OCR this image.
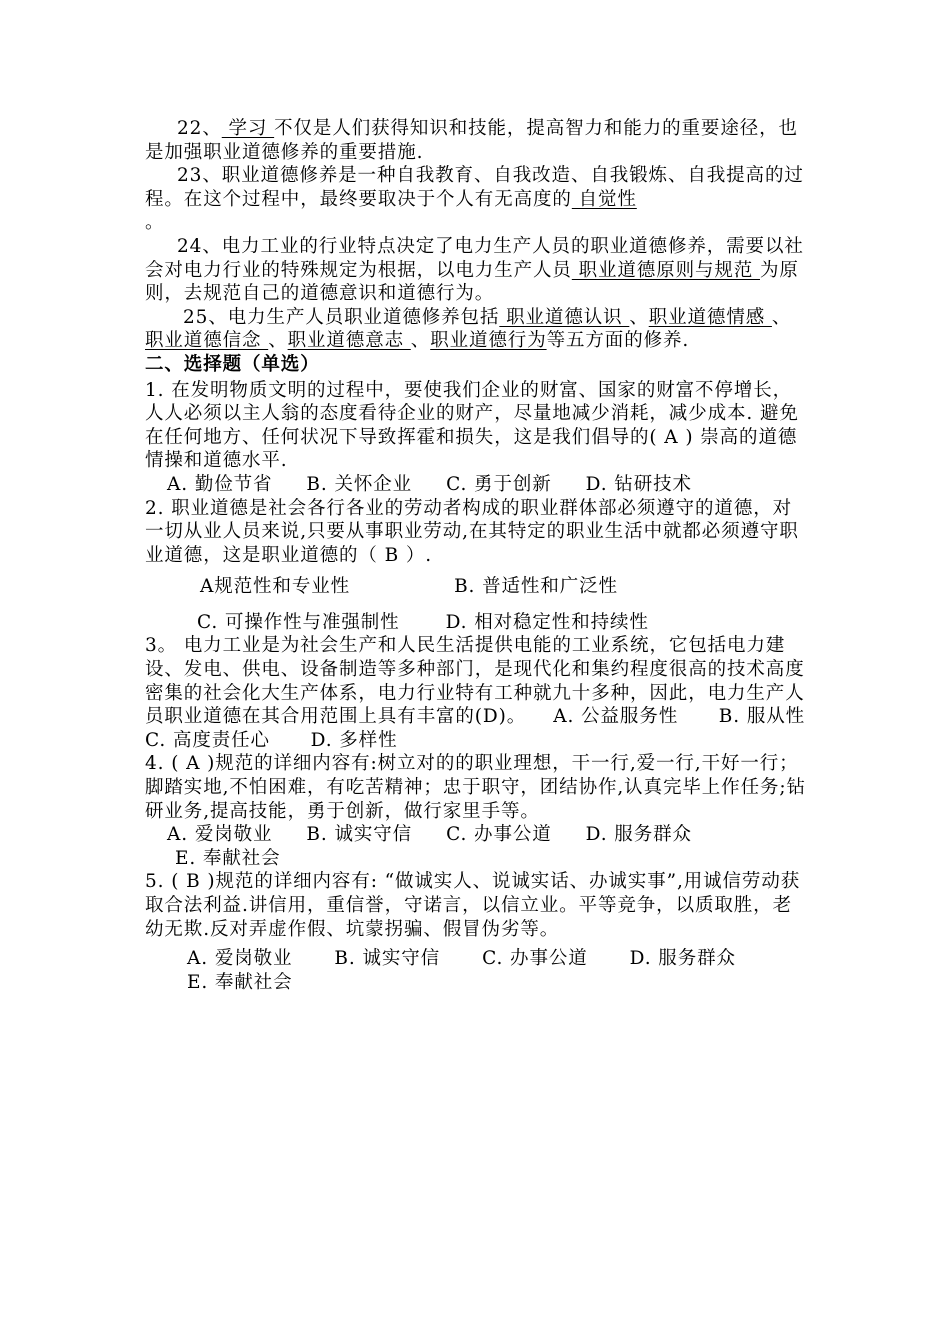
22、 学习 不仅是人们获得知识和技能，提高智力和能力的重要途径，也是加强职业道德修养的重要措施.

23、职业道德修养是一种自我教育、自我改造、自我锻炼、自我提高的过程。在这个过程中，最终要取决于个人有无高度的 自觉性
。

24、电力工业的行业特点决定了电力生产人员的职业道德修养，需要以社会对电力行业的特殊规定为根据，以电力生产人员 职业道德原则与规范 为原则，去规范自己的道德意识和道德行为。

25、电力生产人员职业道德修养包括 职业道德认识 、职业道德情感 、职业道德信念 、职业道德意志 、职业道德行为等五方面的修养.

二、选择题（单选）

1. 在发明物质文明的过程中，要使我们企业的财富、国家的财富不停增长，人人必须以主人翁的态度看待企业的财产，尽量地减少消耗，减少成本. 避免在任何地方、任何状况下导致挥霍和损失，这是我们倡导的( A ) 崇高的道德情操和道德水平.

A. 勤俭节省 B. 关怀企业 C. 勇于创新 D. 钻研技术

2. 职业道德是社会各行各业的劳动者构成的职业群体部必须遵守的道德，对一切从业人员来说,只要从事职业劳动,在其特定的职业生活中就都必须遵守职业道德，这是职业道德的（ B ）.

A规范性和专业性	B. 普适性和广泛性

C. 可操作性与准强制性 D. 相对稳定性和持续性

3。 电力工业是为社会生产和人民生活提供电能的工业系统，它包括电力建设、发电、供电、设备制造等多种部门，是现代化和集约程度很高的技术高度密集的社会化大生产体系，电力行业特有工种就九十多种，因此，电力生产人员职业道德在其合用范围上具有丰富的(D)。    A. 公益服务性      B. 服从性     C. 高度责任心      D. 多样性

4. ( A )规范的详细内容有:树立对的的职业理想，干一行,爱一行,干好一行；脚踏实地,不怕困难，有吃苦精神；忠于职守，团结协作,认真完毕上作任务;钻研业务,提高技能，勇于创新，做行家里手等。

A. 爱岗敬业 B. 诚实守信 C. 办事公道 D. 服务群众

E. 奉献社会

5. ( B )规范的详细内容有: “做诚实人、说诚实话、办诚实事”,用诚信劳动获取合法利益.讲信用，重信誉，守诺言，以信立业。平等竞争，以质取胜，老幼无欺.反对弄虚作假、坑蒙拐骗、假冒伪劣等。

A. 爱岗敬业 B. 诚实守信 C. 办事公道 D. 服务群众

E. 奉献社会
